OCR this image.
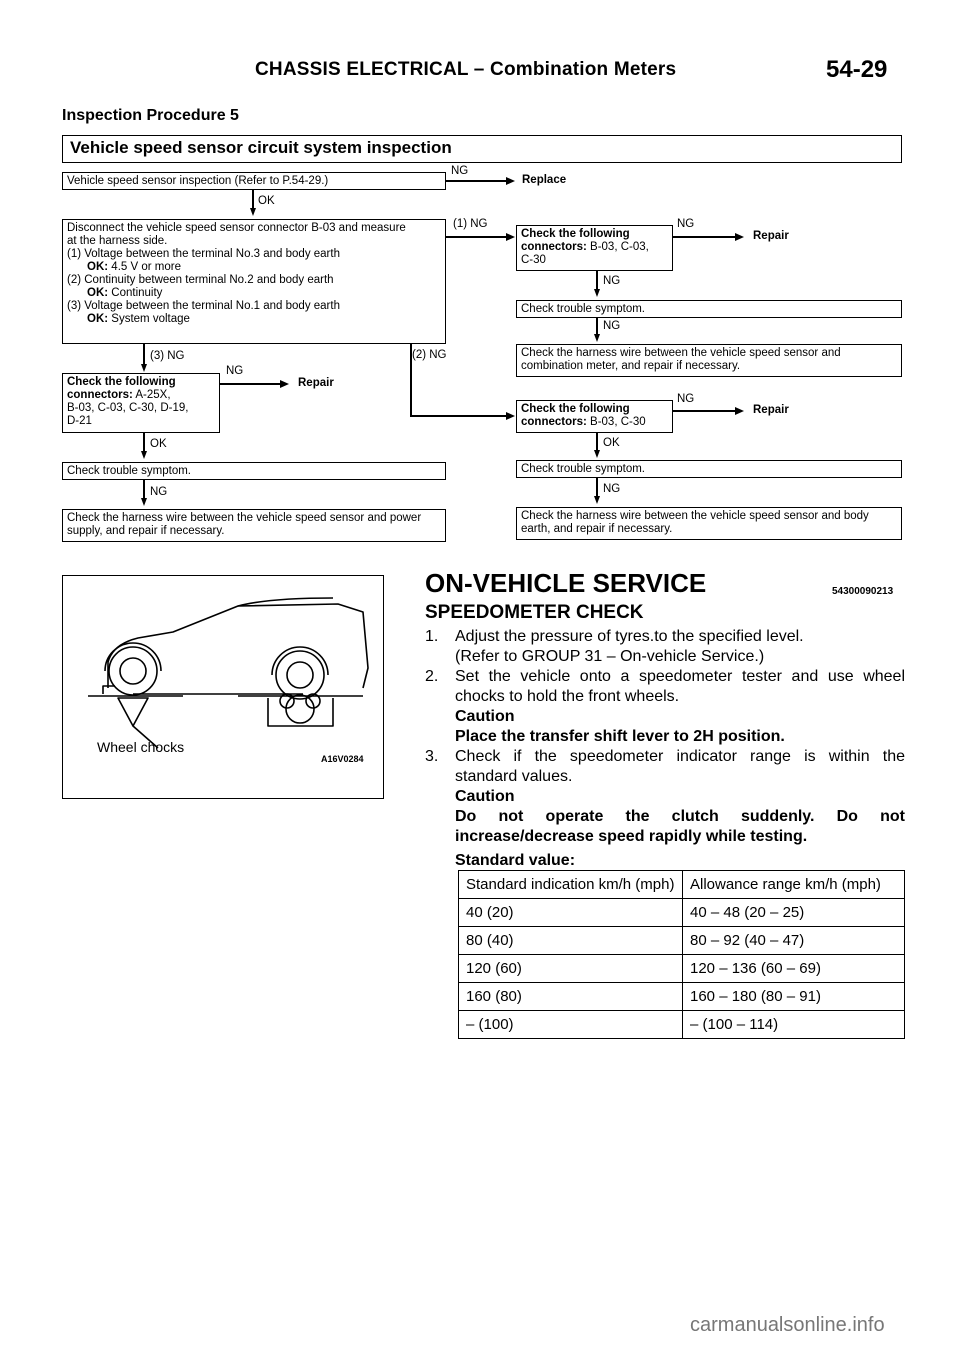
CHASSIS ELECTRICAL – Combination Meters	54-29
Inspection Procedure 5
Vehicle speed sensor circuit system inspection
Vehicle speed sensor inspection (Refer to P.54-29.)
NG
Replace
OK
Disconnect the vehicle speed sensor connector B-03 and measure
at the harness side.
(1) Voltage between the terminal No.3 and body earth
OK: 4.5 V or more
(2) Continuity between terminal No.2 and body earth
OK: Continuity
(3) Voltage between the terminal No.1 and body earth
OK: System voltage
(1) NG
Check the following
connectors: B-03, C-03,
C-30
NG
Repair
NG
Check trouble symptom.
NG
Check the harness wire between the vehicle speed sensor and combination meter, and repair if necessary.
(2) NG
Check the following
connectors: B-03, C-30
NG
Repair
OK
Check trouble symptom.
NG
Check the harness wire between the vehicle speed sensor and body earth, and repair if necessary.
(3) NG
Check the following
connectors: A-25X,
B-03, C-03, C-30, D-19,
D-21
NG
Repair
OK
Check trouble symptom.
NG
Check the harness wire between the vehicle speed sensor and power supply, and repair if necessary.
Wheel chocks
A16V0284
ON-VEHICLE SERVICE	54300090213
SPEEDOMETER CHECK
1.	Adjust the pressure of tyres.to the specified level.
(Refer to GROUP 31 – On-vehicle Service.)
2.	Set the vehicle onto a speedometer tester and use wheel
chocks to hold the front wheels.
Caution
Place the transfer shift lever to 2H position.
3.	Check if the speedometer indicator range is within the
standard values.
Caution
Do not operate the clutch suddenly. Do not
increase/decrease speed rapidly while testing.
Standard value:
Standard indication km/h (mph)	Allowance range km/h (mph)
40 (20)	40 – 48 (20 – 25)
80 (40)	80 – 92 (40 – 47)
120 (60)	120 – 136 (60 – 69)
160 (80)	160 – 180 (80 – 91)
– (100)	– (100 – 114)
carmanualsonline.info
